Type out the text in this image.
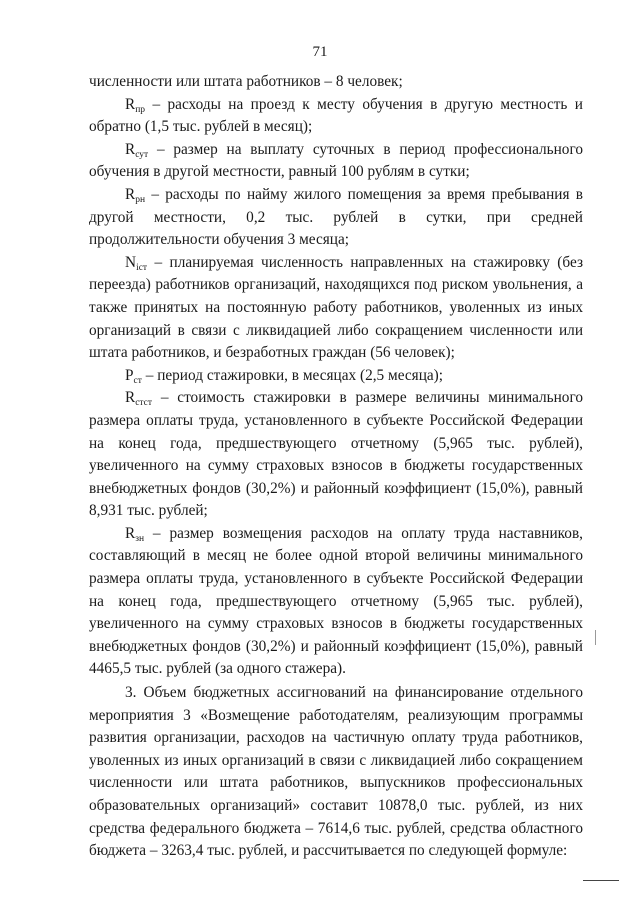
71

численности или штата работников – 8 человек;

$R_{пр}$ – расходы на проезд к месту обучения в другую местность и обратно (1,5 тыс. рублей в месяц);

$R_{сут}$ – размер на выплату суточных в период профессионального обучения в другой местности, равный 100 рублям в сутки;

$R_{рн}$ – расходы по найму жилого помещения за время пребывания в другой местности, 0,2 тыс. рублей в сутки, при средней продолжительности обучения 3 месяца;

$N_{iст}$ – планируемая численность направленных на стажировку (без переезда) работников организаций, находящихся под риском увольнения, а также принятых на постоянную работу работников, уволенных из иных организаций в связи с ликвидацией либо сокращением численности или штата работников, и безработных граждан (56 человек);

$P_{ст}$ – период стажировки, в месяцах (2,5 месяца);

$R_{стст}$ – стоимость стажировки в размере величины минимального размера оплаты труда, установленного в субъекте Российской Федерации на конец года, предшествующего отчетному (5,965 тыс. рублей), увеличенного на сумму страховых взносов в бюджеты государственных внебюджетных фондов (30,2%) и районный коэффициент (15,0%), равный 8,931 тыс. рублей;

$R_{зн}$ – размер возмещения расходов на оплату труда наставников, составляющий в месяц не более одной второй величины минимального размера оплаты труда, установленного в субъекте Российской Федерации на конец года, предшествующего отчетному (5,965 тыс. рублей), увеличенного на сумму страховых взносов в бюджеты государственных внебюджетных фондов (30,2%) и районный коэффициент (15,0%), равный 4465,5 тыс. рублей (за одного стажера).

3. Объем бюджетных ассигнований на финансирование отдельного мероприятия 3 «Возмещение работодателям, реализующим программы развития организации, расходов на частичную оплату труда работников, уволенных из иных организаций в связи с ликвидацией либо сокращением численности или штата работников, выпускников профессиональных образовательных организаций» составит 10878,0 тыс. рублей, из них средства федерального бюджета – 7614,6 тыс. рублей, средства областного бюджета – 3263,4 тыс. рублей, и рассчитывается по следующей формуле:
